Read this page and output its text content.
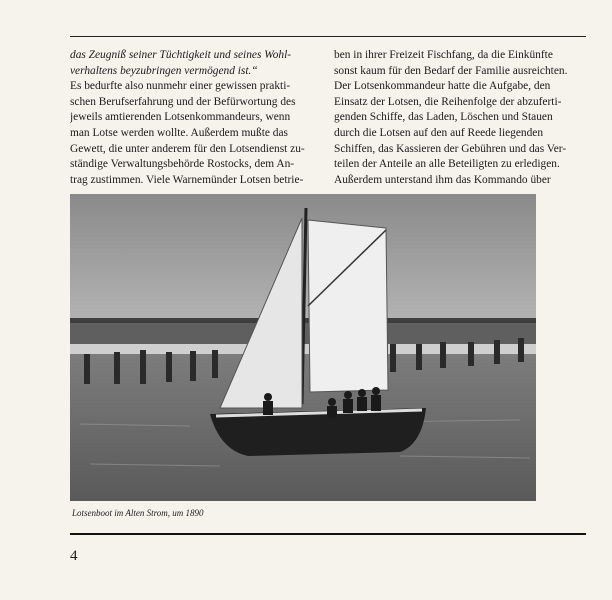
das Zeugniß seiner Tüchtigkeit und seines Wohl-
verhaltens beyzubringen vermögend ist.“
Es bedurfte also nunmehr einer gewissen prakti-
schen Berufserfahrung und der Befürwortung des
jeweils amtierenden Lotsenkommandeurs, wenn
man Lotse werden wollte. Außerdem mußte das
Gewett, die unter anderem für den Lotsendienst zu-
ständige Verwaltungsbehörde Rostocks, dem An-
trag zustimmen. Viele Warnemünder Lotsen betrie-
ben in ihrer Freizeit Fischfang, da die Einkünfte
sonst kaum für den Bedarf der Familie ausreichten.
Der Lotsenkommandeur hatte die Aufgabe, den
Einsatz der Lotsen, die Reihenfolge der abzuferti-
genden Schiffe, das Laden, Löschen und Stauen
durch die Lotsen auf den auf Reede liegenden
Schiffen, das Kassieren der Gebühren und das Ver-
teilen der Anteile an alle Beteiligten zu erledigen.
Außerdem unterstand ihm das Kommando über
Lotsenboot im Alten Strom, um 1890
4
